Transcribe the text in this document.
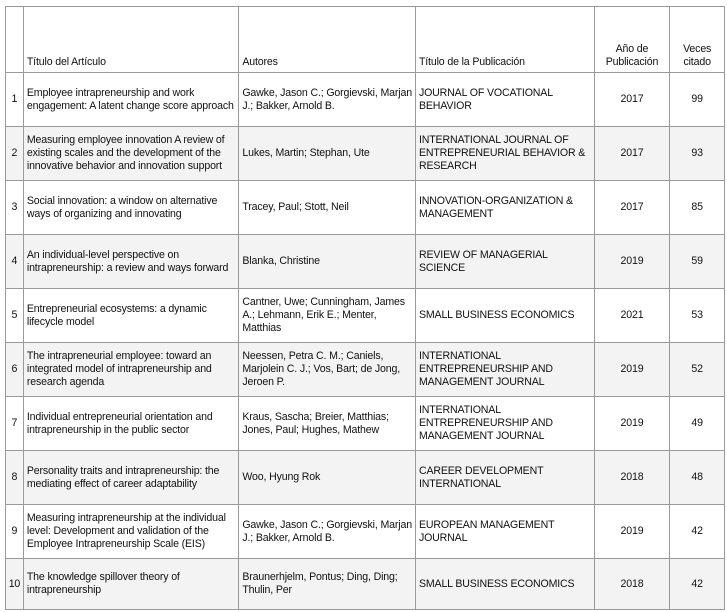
	Título del Artículo	Autores	Título de la Publicación	Año de Publicación	Veces citado
1	Employee intrapreneurship and work engagement: A latent change score approach	Gawke, Jason C.; Gorgievski, Marjan J.; Bakker, Arnold B.	JOURNAL OF VOCATIONAL BEHAVIOR	2017	99
2	Measuring employee innovation A review of existing scales and the development of the innovative behavior and innovation support	Lukes, Martin; Stephan, Ute	INTERNATIONAL JOURNAL OF ENTREPRENEURIAL BEHAVIOR & RESEARCH	2017	93
3	Social innovation: a window on alternative ways of organizing and innovating	Tracey, Paul; Stott, Neil	INNOVATION-ORGANIZATION & MANAGEMENT	2017	85
4	An individual-level perspective on intrapreneurship: a review and ways forward	Blanka, Christine	REVIEW OF MANAGERIAL SCIENCE	2019	59
5	Entrepreneurial ecosystems: a dynamic lifecycle model	Cantner, Uwe; Cunningham, James A.; Lehmann, Erik E.; Menter, Matthias	SMALL BUSINESS ECONOMICS	2021	53
6	The intrapreneurial employee: toward an integrated model of intrapreneurship and research agenda	Neessen, Petra C. M.; Caniels, Marjolein C. J.; Vos, Bart; de Jong, Jeroen P.	INTERNATIONAL ENTREPRENEURSHIP AND MANAGEMENT JOURNAL	2019	52
7	Individual entrepreneurial orientation and intrapreneurship in the public sector	Kraus, Sascha; Breier, Matthias; Jones, Paul; Hughes, Mathew	INTERNATIONAL ENTREPRENEURSHIP AND MANAGEMENT JOURNAL	2019	49
8	Personality traits and intrapreneurship: the mediating effect of career adaptability	Woo, Hyung Rok	CAREER DEVELOPMENT INTERNATIONAL	2018	48
9	Measuring intrapreneurship at the individual level: Development and validation of the Employee Intrapreneurship Scale (EIS)	Gawke, Jason C.; Gorgievski, Marjan J.; Bakker, Arnold B.	EUROPEAN MANAGEMENT JOURNAL	2019	42
10	The knowledge spillover theory of intrapreneurship	Braunerhjelm, Pontus; Ding, Ding; Thulin, Per	SMALL BUSINESS ECONOMICS	2018	42
